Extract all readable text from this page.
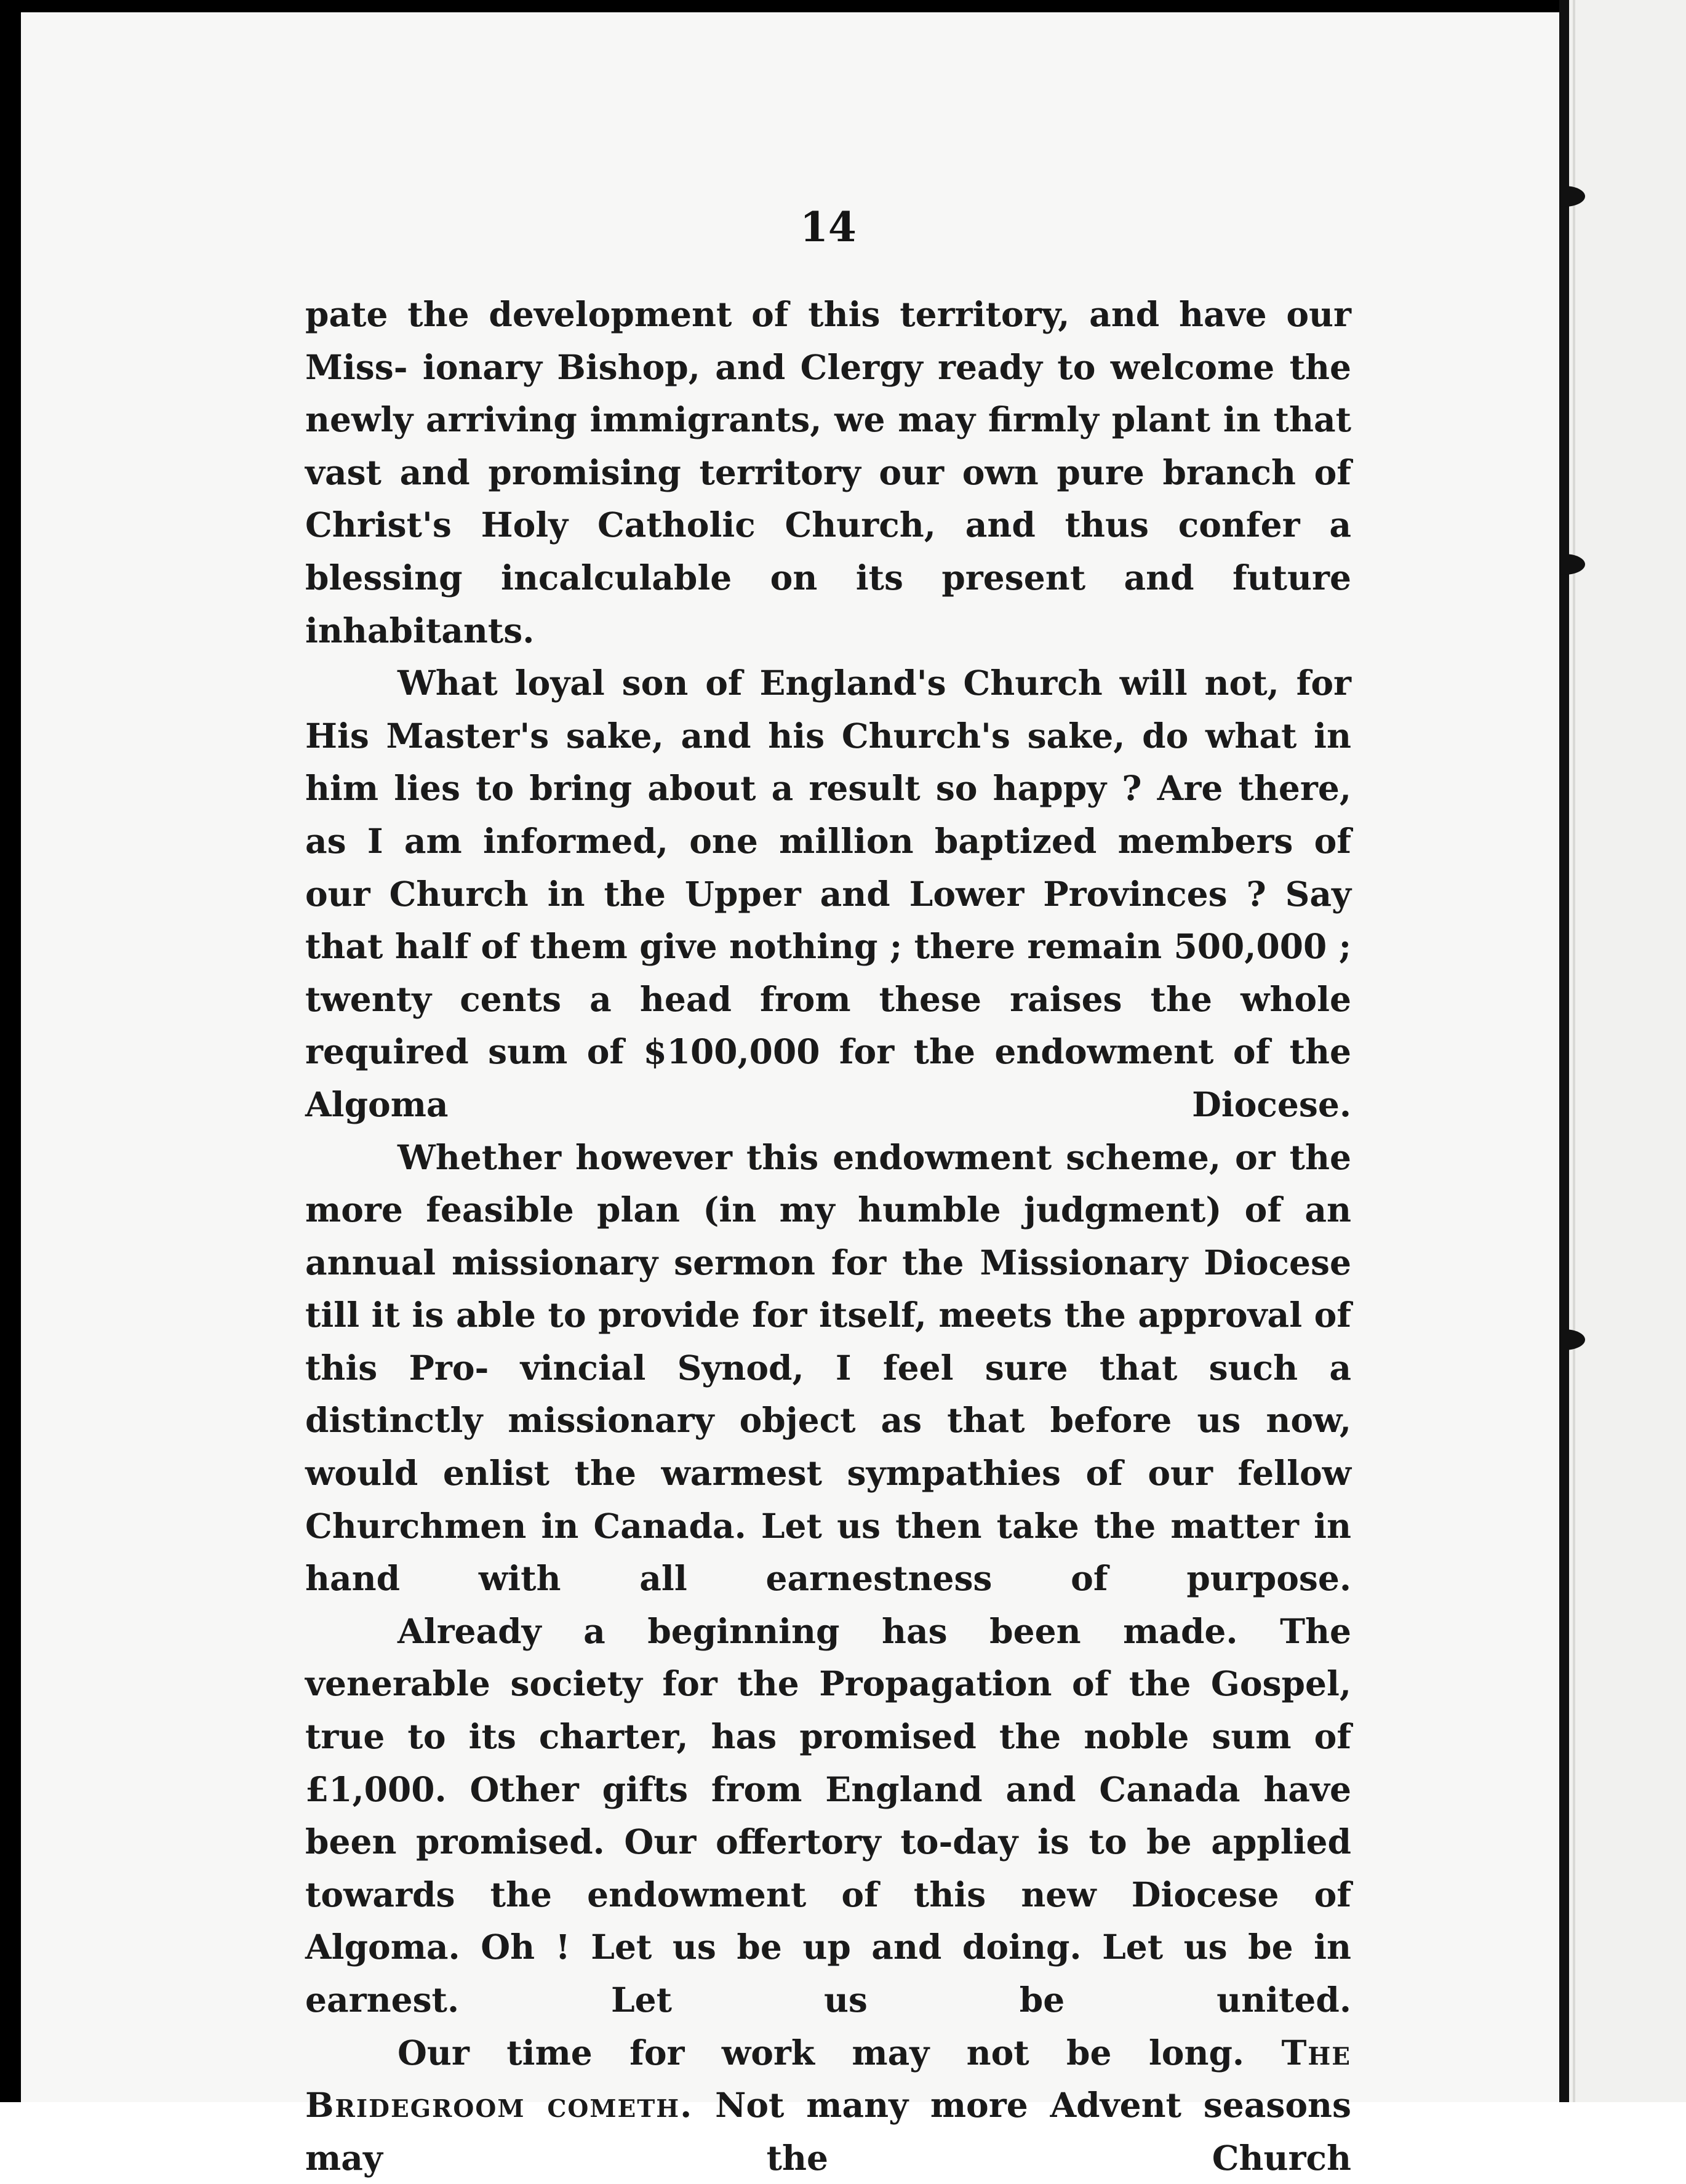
14

pate the development of this territory, and have our Miss- ionary Bishop, and Clergy ready to welcome the newly arriving immigrants, we may firmly plant in that vast and promising territory our own pure branch of Christ's Holy Catholic Church, and thus confer a blessing incalculable on its present and future inhabitants.

What loyal son of England's Church will not, for His Master's sake, and his Church's sake, do what in him lies to bring about a result so happy ? Are there, as I am informed, one million baptized members of our Church in the Upper and Lower Provinces ? Say that half of them give nothing ; there remain 500,000 ; twenty cents a head from these raises the whole required sum of $100,000 for the endowment of the Algoma Diocese.

Whether however this endowment scheme, or the more feasible plan (in my humble judgment) of an annual missionary sermon for the Missionary Diocese till it is able to provide for itself, meets the approval of this Pro- vincial Synod, I feel sure that such a distinctly missionary object as that before us now, would enlist the warmest sympathies of our fellow Churchmen in Canada. Let us then take the matter in hand with all earnestness of purpose.

Already a beginning has been made. The venerable society for the Propagation of the Gospel, true to its charter, has promised the noble sum of £1,000. Other gifts from England and Canada have been promised. Our offertory to-day is to be applied towards the endowment of this new Diocese of Algoma. Oh ! Let us be up and doing. Let us be in earnest. Let us be united.

Our time for work may not be long. The Bridegroom cometh. Not many more Advent seasons may the Church
